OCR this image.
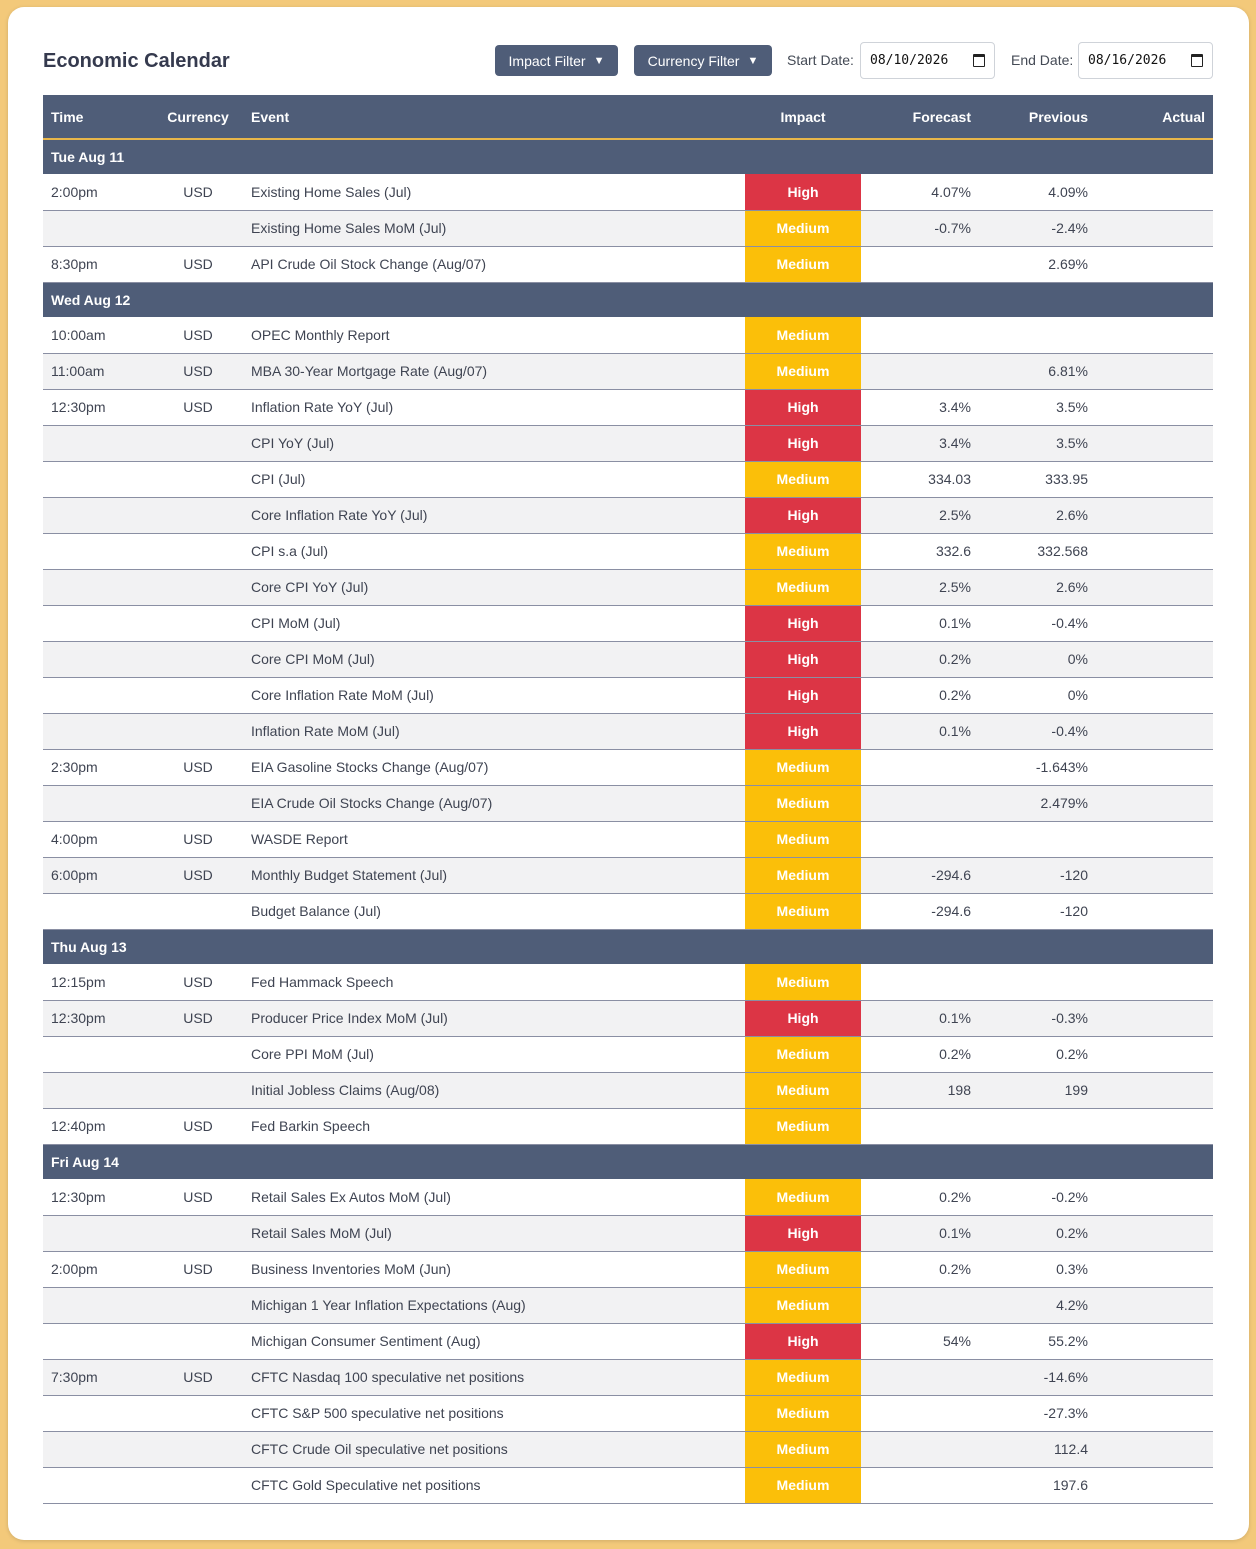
Economic Calendar	Impact Filter ▼	Currency Filter ▼ Start Date: 08/10/2026	End Date: 08/16/2026
Time	Currency	Event	Impact	Forecast	Previous	Actual
Tue Aug 11						
2:00pm	USD	Existing Home Sales (Jul)	High	4.07%	4.09%	
		Existing Home Sales MoM (Jul)	Medium	-0.7%	-2.4%	
8:30pm	USD	API Crude Oil Stock Change (Aug/07)	Medium		2.69%	
Wed Aug 12						
10:00am	USD	OPEC Monthly Report	Medium			
11:00am	USD	MBA 30-Year Mortgage Rate (Aug/07)	Medium		6.81%	
12:30pm	USD	Inflation Rate YoY (Jul)	High	3.4%	3.5%	
		CPI YoY (Jul)	High	3.4%	3.5%	
		CPI (Jul)	Medium	334.03	333.95	
		Core Inflation Rate YoY (Jul)	High	2.5%	2.6%	
		CPI s.a (Jul)	Medium	332.6	332.568	
		Core CPI YoY (Jul)	Medium	2.5%	2.6%	
		CPI MoM (Jul)	High	0.1%	-0.4%	
		Core CPI MoM (Jul)	High	0.2%	0%	
		Core Inflation Rate MoM (Jul)	High	0.2%	0%	
		Inflation Rate MoM (Jul)	High	0.1%	-0.4%	
2:30pm	USD	EIA Gasoline Stocks Change (Aug/07)	Medium		-1.643%	
		EIA Crude Oil Stocks Change (Aug/07)	Medium		2.479%	
4:00pm	USD	WASDE Report	Medium			
6:00pm	USD	Monthly Budget Statement (Jul)	Medium	-294.6	-120	
		Budget Balance (Jul)	Medium	-294.6	-120	
Thu Aug 13						
12:15pm	USD	Fed Hammack Speech	Medium			
12:30pm	USD	Producer Price Index MoM (Jul)	High	0.1%	-0.3%	
		Core PPI MoM (Jul)	Medium	0.2%	0.2%	
		Initial Jobless Claims (Aug/08)	Medium	198	199	
12:40pm	USD	Fed Barkin Speech	Medium			
Fri Aug 14						
12:30pm	USD	Retail Sales Ex Autos MoM (Jul)	Medium	0.2%	-0.2%	
		Retail Sales MoM (Jul)	High	0.1%	0.2%	
2:00pm	USD	Business Inventories MoM (Jun)	Medium	0.2%	0.3%	
		Michigan 1 Year Inflation Expectations (Aug)	Medium		4.2%	
		Michigan Consumer Sentiment (Aug)	High	54%	55.2%	
7:30pm	USD	CFTC Nasdaq 100 speculative net positions	Medium		-14.6%	
		CFTC S&P 500 speculative net positions	Medium		-27.3%	
		CFTC Crude Oil speculative net positions	Medium		112.4	
		CFTC Gold Speculative net positions	Medium		197.6	
